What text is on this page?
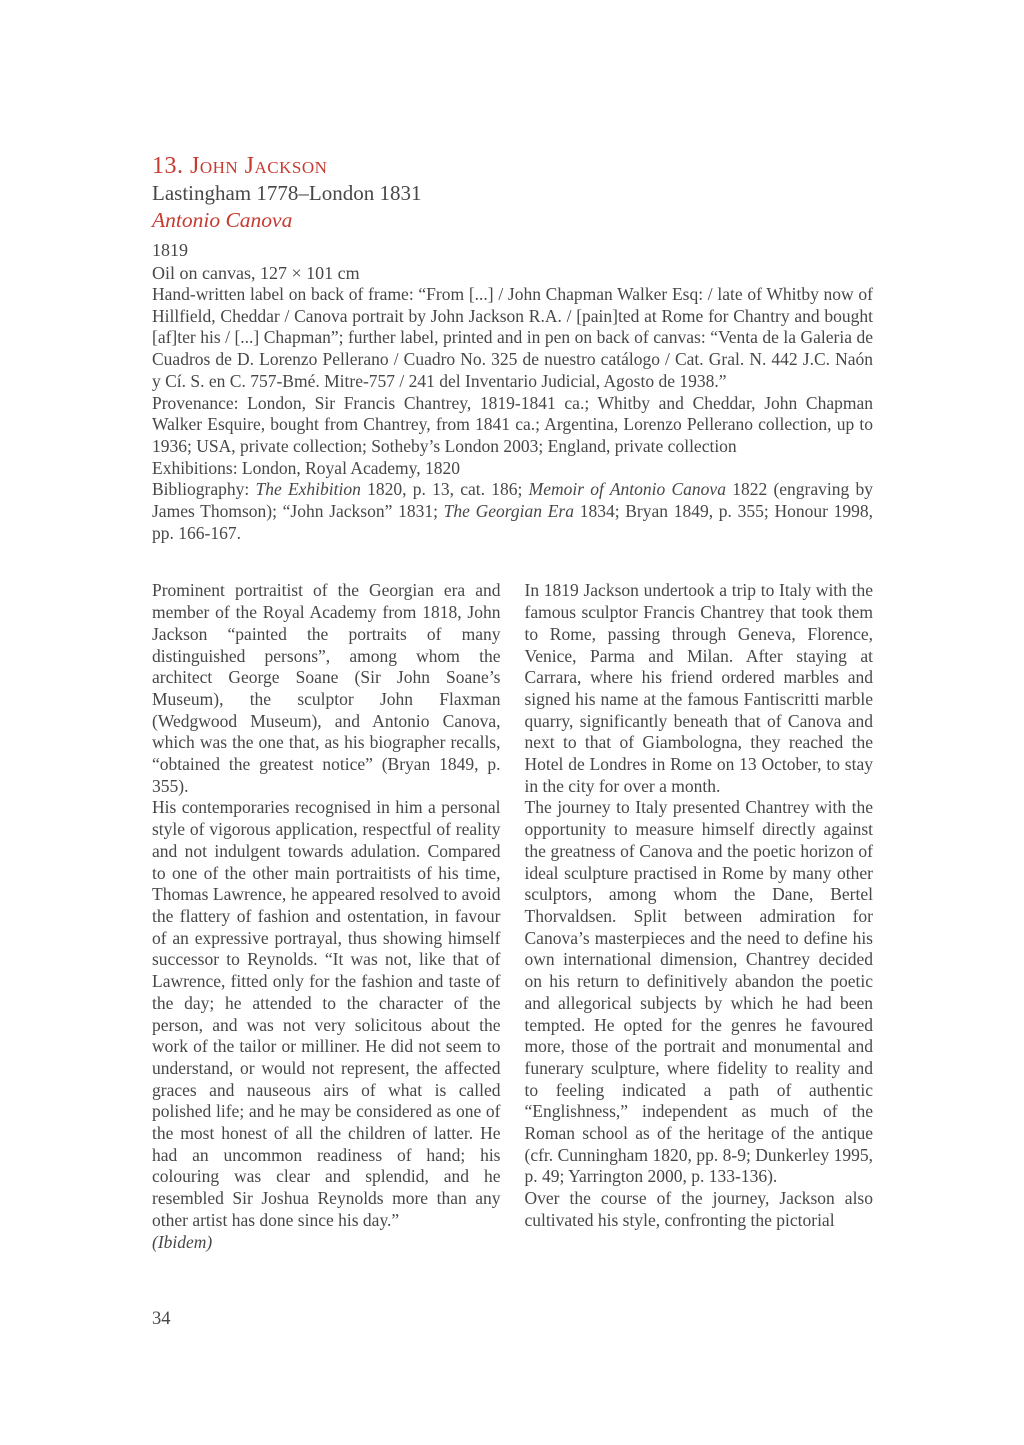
13. John Jackson
Lastingham 1778–London 1831
Antonio Canova
1819
Oil on canvas, 127 × 101 cm

Hand-written label on back of frame: “From [...] / John Chapman Walker Esq: / late of Whitby now of Hillfield, Cheddar / Canova portrait by John Jackson R.A. / [pain]ted at Rome for Chantry and bought [af]ter his / [...] Chapman”; further label, printed and in pen on back of canvas: “Venta de la Galeria de Cuadros de D. Lorenzo Pellerano / Cuadro No. 325 de nuestro catálogo / Cat. Gral. N. 442 J.C. Naón y Cí. S. en C. 757-Bmé. Mitre-757 / 241 del Inventario Judicial, Agosto de 1938.”

Provenance: London, Sir Francis Chantrey, 1819-1841 ca.; Whitby and Cheddar, John Chapman Walker Esquire, bought from Chantrey, from 1841 ca.; Argentina, Lorenzo Pellerano collection, up to 1936; USA, private collection; Sotheby’s London 2003; England, private collection

Exhibitions: London, Royal Academy, 1820

Bibliography: The Exhibition 1820, p. 13, cat. 186; Memoir of Antonio Canova 1822 (engraving by James Thomson); “John Jackson” 1831; The Georgian Era 1834; Bryan 1849, p. 355; Honour 1998, pp. 166-167.

Prominent portraitist of the Georgian era and member of the Royal Academy from 1818, John Jackson “painted the portraits of many distinguished persons”, among whom the architect George Soane (Sir John Soane’s Museum), the sculptor John Flaxman (Wedgwood Museum), and Antonio Canova, which was the one that, as his biographer recalls, “obtained the greatest notice” (Bryan 1849, p. 355).

His contemporaries recognised in him a personal style of vigorous application, respectful of reality and not indulgent towards adulation. Compared to one of the other main portraitists of his time, Thomas Lawrence, he appeared resolved to avoid the flattery of fashion and ostentation, in favour of an expressive portrayal, thus showing himself successor to Reynolds. “It was not, like that of Lawrence, fitted only for the fashion and taste of the day; he attended to the character of the person, and was not very solicitous about the work of the tailor or milliner. He did not seem to understand, or would not represent, the affected graces and nauseous airs of what is called polished life; and he may be considered as one of the most honest of all the children of latter. He had an uncommon readiness of hand; his colouring was clear and splendid, and he resembled Sir Joshua Reynolds more than any other artist has done since his day.”

(Ibidem)

In 1819 Jackson undertook a trip to Italy with the famous sculptor Francis Chantrey that took them to Rome, passing through Geneva, Florence, Venice, Parma and Milan. After staying at Carrara, where his friend ordered marbles and signed his name at the famous Fantiscritti marble quarry, significantly beneath that of Canova and next to that of Giambologna, they reached the Hotel de Londres in Rome on 13 October, to stay in the city for over a month.

The journey to Italy presented Chantrey with the opportunity to measure himself directly against the greatness of Canova and the poetic horizon of ideal sculpture practised in Rome by many other sculptors, among whom the Dane, Bertel Thorvaldsen. Split between admiration for Canova’s masterpieces and the need to define his own international dimension, Chantrey decided on his return to definitively abandon the poetic and allegorical subjects by which he had been tempted. He opted for the genres he favoured more, those of the portrait and monumental and funerary sculpture, where fidelity to reality and to feeling indicated a path of authentic “Englishness,” independent as much of the Roman school as of the heritage of the antique (cfr. Cunningham 1820, pp. 8-9; Dunkerley 1995, p. 49; Yarrington 2000, p. 133-136).

Over the course of the journey, Jackson also cultivated his style, confronting the pictorial

34
